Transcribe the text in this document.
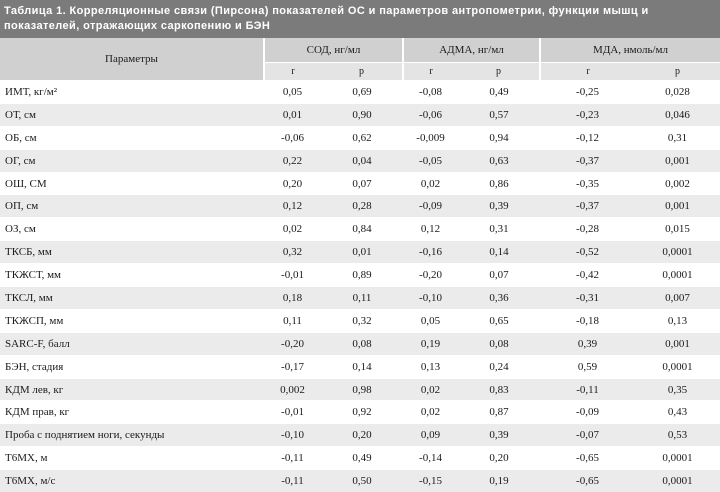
Таблица 1. Корреляционные связи (Пирсона) показателей ОС и параметров антропометрии, функции мышц и
показателей, отражающих саркопению и БЭН
Параметры	СОД, нг/мл		АДМА, нг/мл		МДА, нмоль/мл	
	r	p	r	p	r	p
ИМТ, кг/м²	0,05	0,69	-0,08	0,49	-0,25	0,028
ОТ, см	0,01	0,90	-0,06	0,57	-0,23	0,046
ОБ, см	-0,06	0,62	-0,009	0,94	-0,12	0,31
ОГ, см	0,22	0,04	-0,05	0,63	-0,37	0,001
ОШ, СМ	0,20	0,07	0,02	0,86	-0,35	0,002
ОП, см	0,12	0,28	-0,09	0,39	-0,37	0,001
ОЗ, см	0,02	0,84	0,12	0,31	-0,28	0,015
ТКСБ, мм	0,32	0,01	-0,16	0,14	-0,52	0,0001
ТКЖСТ, мм	-0,01	0,89	-0,20	0,07	-0,42	0,0001
ТКСЛ, мм	0,18	0,11	-0,10	0,36	-0,31	0,007
ТКЖСП, мм	0,11	0,32	0,05	0,65	-0,18	0,13
SARC-F, балл	-0,20	0,08	0,19	0,08	0,39	0,001
БЭН, стадия	-0,17	0,14	0,13	0,24	0,59	0,0001
КДМ лев, кг	0,002	0,98	0,02	0,83	-0,11	0,35
КДМ прав, кг	-0,01	0,92	0,02	0,87	-0,09	0,43
Проба с поднятием ноги, секунды	-0,10	0,20	0,09	0,39	-0,07	0,53
Т6МХ, м	-0,11	0,49	-0,14	0,20	-0,65	0,0001
Т6МХ, м/с	-0,11	0,50	-0,15	0,19	-0,65	0,0001
